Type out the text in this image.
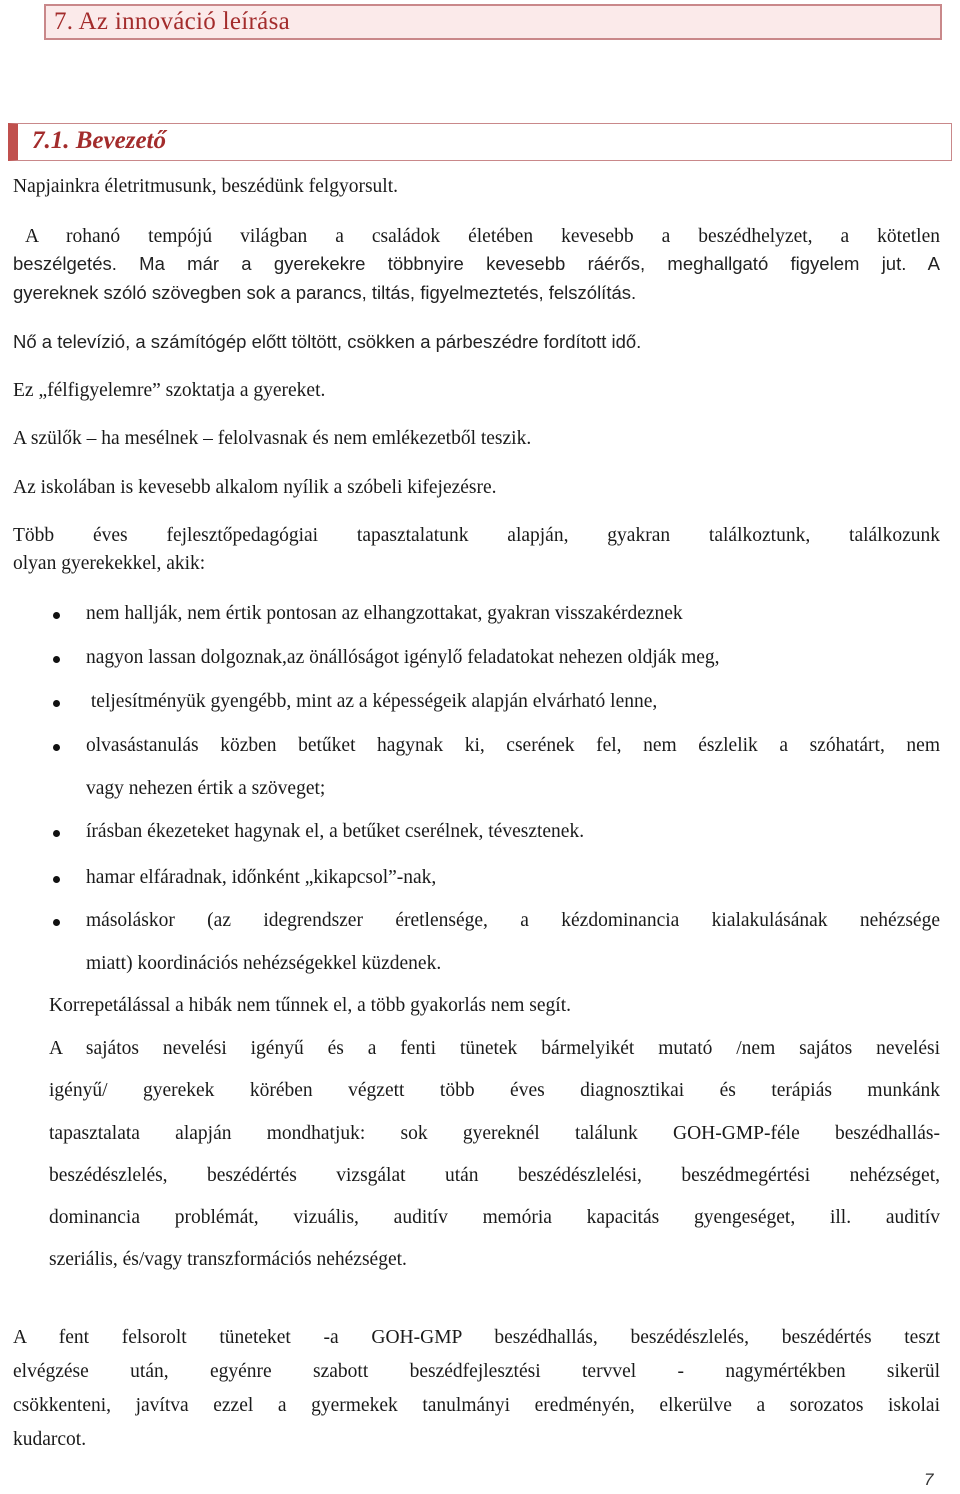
7. Az innováció leírása
7.1. Bevezető
Napjainkra életritmusunk, beszédünk felgyorsult.
A rohanó tempójú világban a családok életében kevesebb a beszédhelyzet, a kötetlen
beszélgetés. Ma már a gyerekekre többnyire kevesebb ráérős, meghallgató figyelem jut. A
gyereknek szóló szövegben sok a parancs, tiltás, figyelmeztetés, felszólítás.
Nő a televízió, a számítógép előtt töltött, csökken a párbeszédre fordított idő.
Ez „félfigyelemre” szoktatja a gyereket.
A szülők – ha mesélnek – felolvasnak és nem emlékezetből teszik.
Az iskolában is kevesebb alkalom nyílik a szóbeli kifejezésre.
Több éves fejlesztőpedagógiai tapasztalatunk alapján, gyakran találkoztunk, találkozunk
olyan gyerekekkel, akik:
nem hallják, nem értik pontosan az elhangzottakat, gyakran visszakérdeznek
nagyon lassan dolgoznak,az önállóságot igénylő feladatokat nehezen oldják meg,
teljesítményük gyengébb, mint az a képességeik alapján elvárható lenne,
olvasástanulás közben betűket hagynak ki, cserének fel, nem észlelik a szóhatárt, nem
vagy nehezen értik a szöveget;
írásban ékezeteket hagynak el, a betűket cserélnek, tévesztenek.
hamar elfáradnak, időnként „kikapcsol”-nak,
másoláskor (az idegrendszer éretlensége, a kézdominancia kialakulásának nehézsége
miatt) koordinációs nehézségekkel küzdenek.
Korrepetálással a hibák nem tűnnek el, a több gyakorlás nem segít.
A sajátos nevelési igényű és a fenti tünetek bármelyikét mutató /nem sajátos nevelési
igényű/ gyerekek körében végzett több éves diagnosztikai és terápiás munkánk
tapasztalata alapján mondhatjuk: sok gyereknél találunk GOH-GMP-féle beszédhallás-
beszédészlelés, beszédértés vizsgálat után beszédészlelési, beszédmegértési nehézséget,
dominancia problémát, vizuális, auditív memória kapacitás gyengeséget, ill. auditív
szeriális, és/vagy transzformációs nehézséget.
A fent felsorolt tüneteket -a GOH-GMP beszédhallás, beszédészlelés, beszédértés teszt
elvégzése után, egyénre szabott beszédfejlesztési tervvel - nagymértékben sikerül
csökkenteni, javítva ezzel a gyermekek tanulmányi eredményén, elkerülve a sorozatos iskolai
kudarcot.
7
